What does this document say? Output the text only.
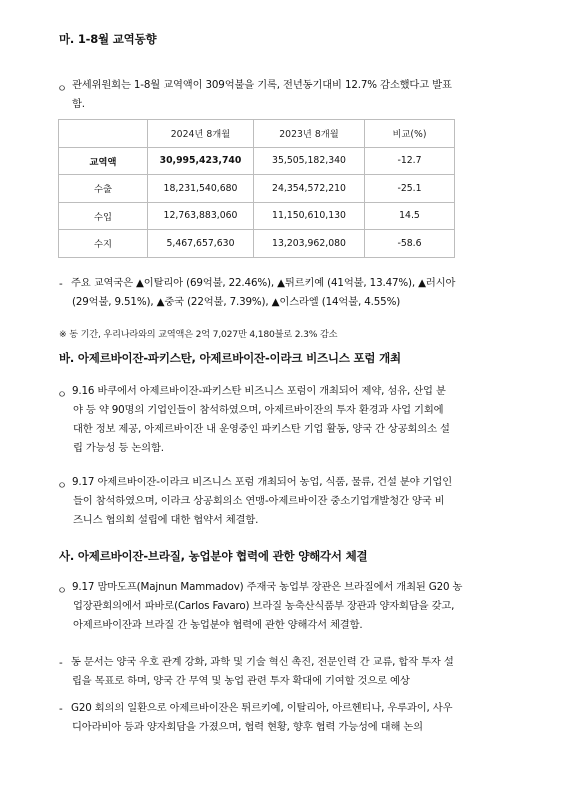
마. 1-8월 교역동향
ㅇ 관세위원회는 1-8월 교역액이 309억불을 기록, 전년동기대비 12.7% 감소했다고 발표
함.
	2024년 8개월	2023년 8개월	비교(%)
교역액	30,995,423,740	35,505,182,340	-12.7
수출	18,231,540,680	24,354,572,210	-25.1
수입	12,763,883,060	11,150,610,130	14.5
수지	5,467,657,630	13,203,962,080	-58.6
- 주요 교역국은 ▲이탈리아 (69억불, 22.46%), ▲튀르키예 (41억불, 13.47%), ▲러시아
(29억불, 9.51%), ▲중국 (22억불, 7.39%), ▲이스라엘 (14억불, 4.55%)
※ 동 기간, 우리나라와의 교역액은 2억 7,027만 4,180불로 2.3% 감소
바. 아제르바이잔-파키스탄, 아제르바이잔-이라크 비즈니스 포럼 개최
ㅇ 9.16 바쿠에서 아제르바이잔-파키스탄 비즈니스 포럼이 개최되어 제약, 섬유, 산업 분
야 등 약 90명의 기업인들이 참석하였으며, 아제르바이잔의 투자 환경과 사업 기회에
대한 정보 제공, 아제르바이잔 내 운영중인 파키스탄 기업 활동, 양국 간 상공회의소 설
립 가능성 등 논의함.
ㅇ 9.17 아제르바이잔-이라크 비즈니스 포럼 개최되어 농업, 식품, 물류, 건설 분야 기업인
들이 참석하였으며, 이라크 상공회의소 연맹-아제르바이잔 중소기업개발청간 양국 비
즈니스 협의회 설립에 대한 협약서 체결함.
사. 아제르바이잔-브라질, 농업분야 협력에 관한 양해각서 체결
ㅇ 9.17 맘마도프(Majnun Mammadov) 주재국 농업부 장관은 브라질에서 개최된 G20 농
업장관회의에서 파바로(Carlos Favaro) 브라질 농축산식품부 장관과 양자회담을 갖고,
아제르바이잔과 브라질 간 농업분야 협력에 관한 양해각서 체결함.
- 동 문서는 양국 우호 관계 강화, 과학 및 기술 혁신 촉진, 전문인력 간 교류, 합작 투자 설
립을 목표로 하며, 양국 간 무역 및 농업 관련 투자 확대에 기여할 것으로 예상
- G20 회의의 일환으로 아제르바이잔은 튀르키예, 이탈리아, 아르헨티나, 우루과이, 사우
디아라비아 등과 양자회담을 가졌으며, 협력 현황, 향후 협력 가능성에 대해 논의
